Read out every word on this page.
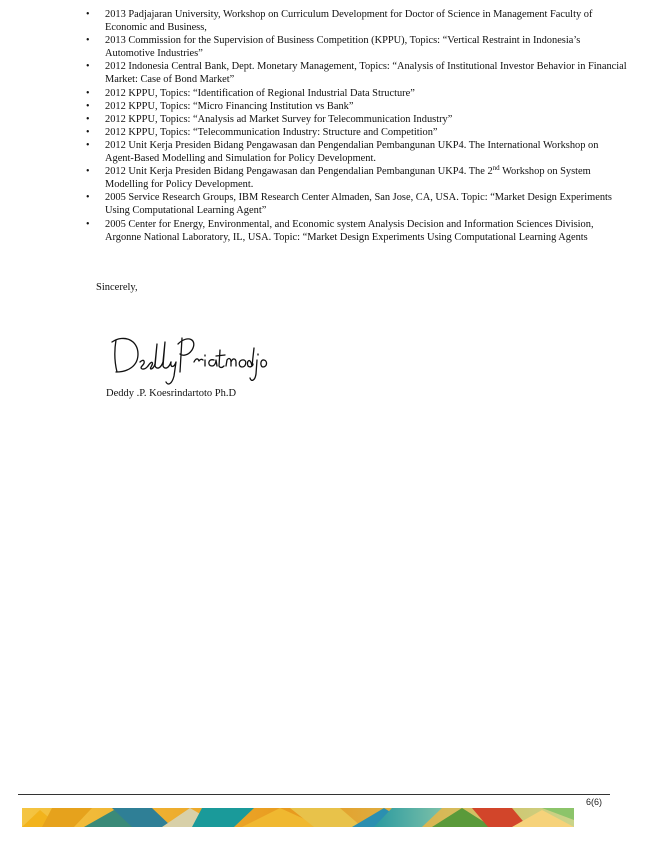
• 2013 Padjajaran University, Workshop on Curriculum Development for Doctor of Science in Management Faculty of Economic and Business,
• 2013 Commission for the Supervision of Business Competition (KPPU), Topics: “Vertical Restraint in Indonesia’s Automotive Industries”
• 2012 Indonesia Central Bank, Dept. Monetary Management, Topics: “Analysis of Institutional Investor Behavior in Financial Market: Case of Bond Market”
• 2012 KPPU, Topics: “Identification of Regional Industrial Data Structure”
• 2012 KPPU, Topics: “Micro Financing Institution vs Bank”
• 2012 KPPU, Topics: “Analysis ad Market Survey for Telecommunication Industry”
• 2012 KPPU, Topics: “Telecommunication Industry: Structure and Competition”
• 2012 Unit Kerja Presiden Bidang Pengawasan dan Pengendalian Pembangunan UKP4. The International Workshop on Agent-Based Modelling and Simulation for Policy Development.
• 2012 Unit Kerja Presiden Bidang Pengawasan dan Pengendalian Pembangunan UKP4. The 2nd Workshop on System Modelling for Policy Development.
• 2005 Service Research Groups, IBM Research Center Almaden, San Jose, CA, USA. Topic: “Market Design Experiments Using Computational Learning Agent”
• 2005 Center for Energy, Environmental, and Economic system Analysis Decision and Information Sciences Division, Argonne National Laboratory, IL, USA. Topic: “Market Design Experiments Using Computational Learning Agents
Sincerely,
Deddy .P. Koesrindartoto Ph.D
6(6)
